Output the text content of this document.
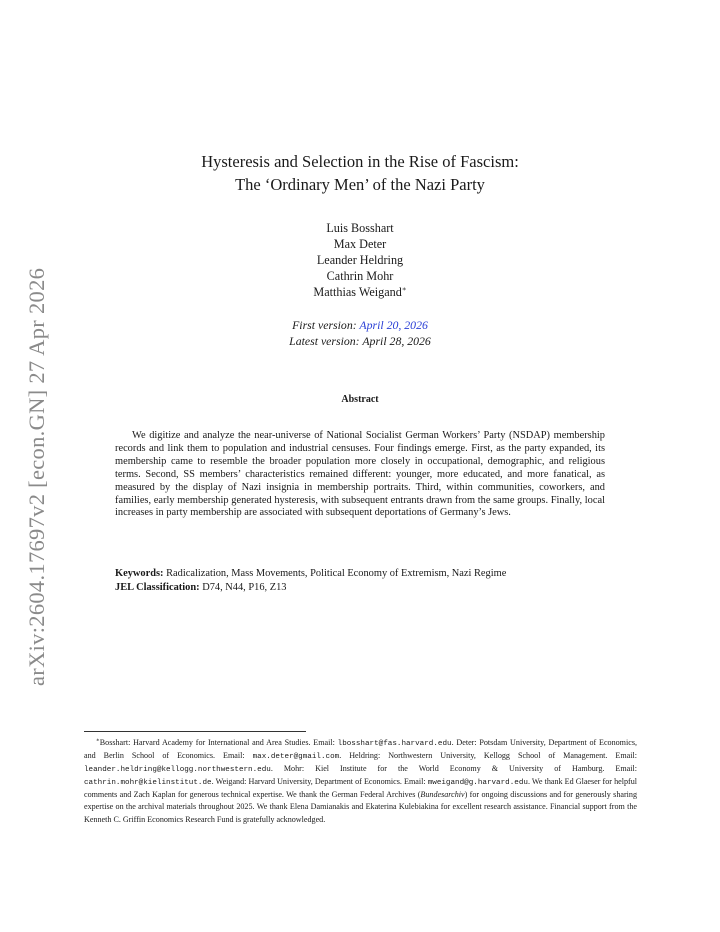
arXiv:2604.17697v2 [econ.GN] 27 Apr 2026
Hysteresis and Selection in the Rise of Fascism:
The ‘Ordinary Men’ of the Nazi Party
Luis Bosshart
Max Deter
Leander Heldring
Cathrin Mohr
Matthias Weigand∗
First version: April 20, 2026
Latest version: April 28, 2026
Abstract
We digitize and analyze the near-universe of National Socialist German Workers’ Party (NSDAP) membership records and link them to population and industrial censuses. Four findings emerge. First, as the party expanded, its membership came to resemble the broader population more closely in occupational, demographic, and religious terms. Second, SS members’ characteristics remained different: younger, more educated, and more fanatical, as measured by the display of Nazi insignia in membership portraits. Third, within communities, coworkers, and families, early membership generated hysteresis, with subsequent entrants drawn from the same groups. Finally, local increases in party membership are associated with subsequent deportations of Germany’s Jews.
Keywords: Radicalization, Mass Movements, Political Economy of Extremism, Nazi Regime
JEL Classification: D74, N44, P16, Z13
∗Bosshart: Harvard Academy for International and Area Studies. Email: lbosshart@fas.harvard.edu. Deter: Potsdam University, Department of Economics, and Berlin School of Economics. Email: max.deter@gmail.com. Heldring: Northwestern University, Kellogg School of Management. Email: leander.heldring@kellogg.northwestern.edu. Mohr: Kiel Institute for the World Economy & University of Hamburg. Email: cathrin.mohr@kielinstitut.de. Weigand: Harvard University, Department of Economics. Email: mweigand@g.harvard.edu. We thank Ed Glaeser for helpful comments and Zach Kaplan for generous technical expertise. We thank the German Federal Archives (Bundesarchiv) for ongoing discussions and for generously sharing expertise on the archival materials throughout 2025. We thank Elena Damianakis and Ekaterina Kulebiakina for excellent research assistance. Financial support from the Kenneth C. Griffin Economics Research Fund is gratefully acknowledged.
